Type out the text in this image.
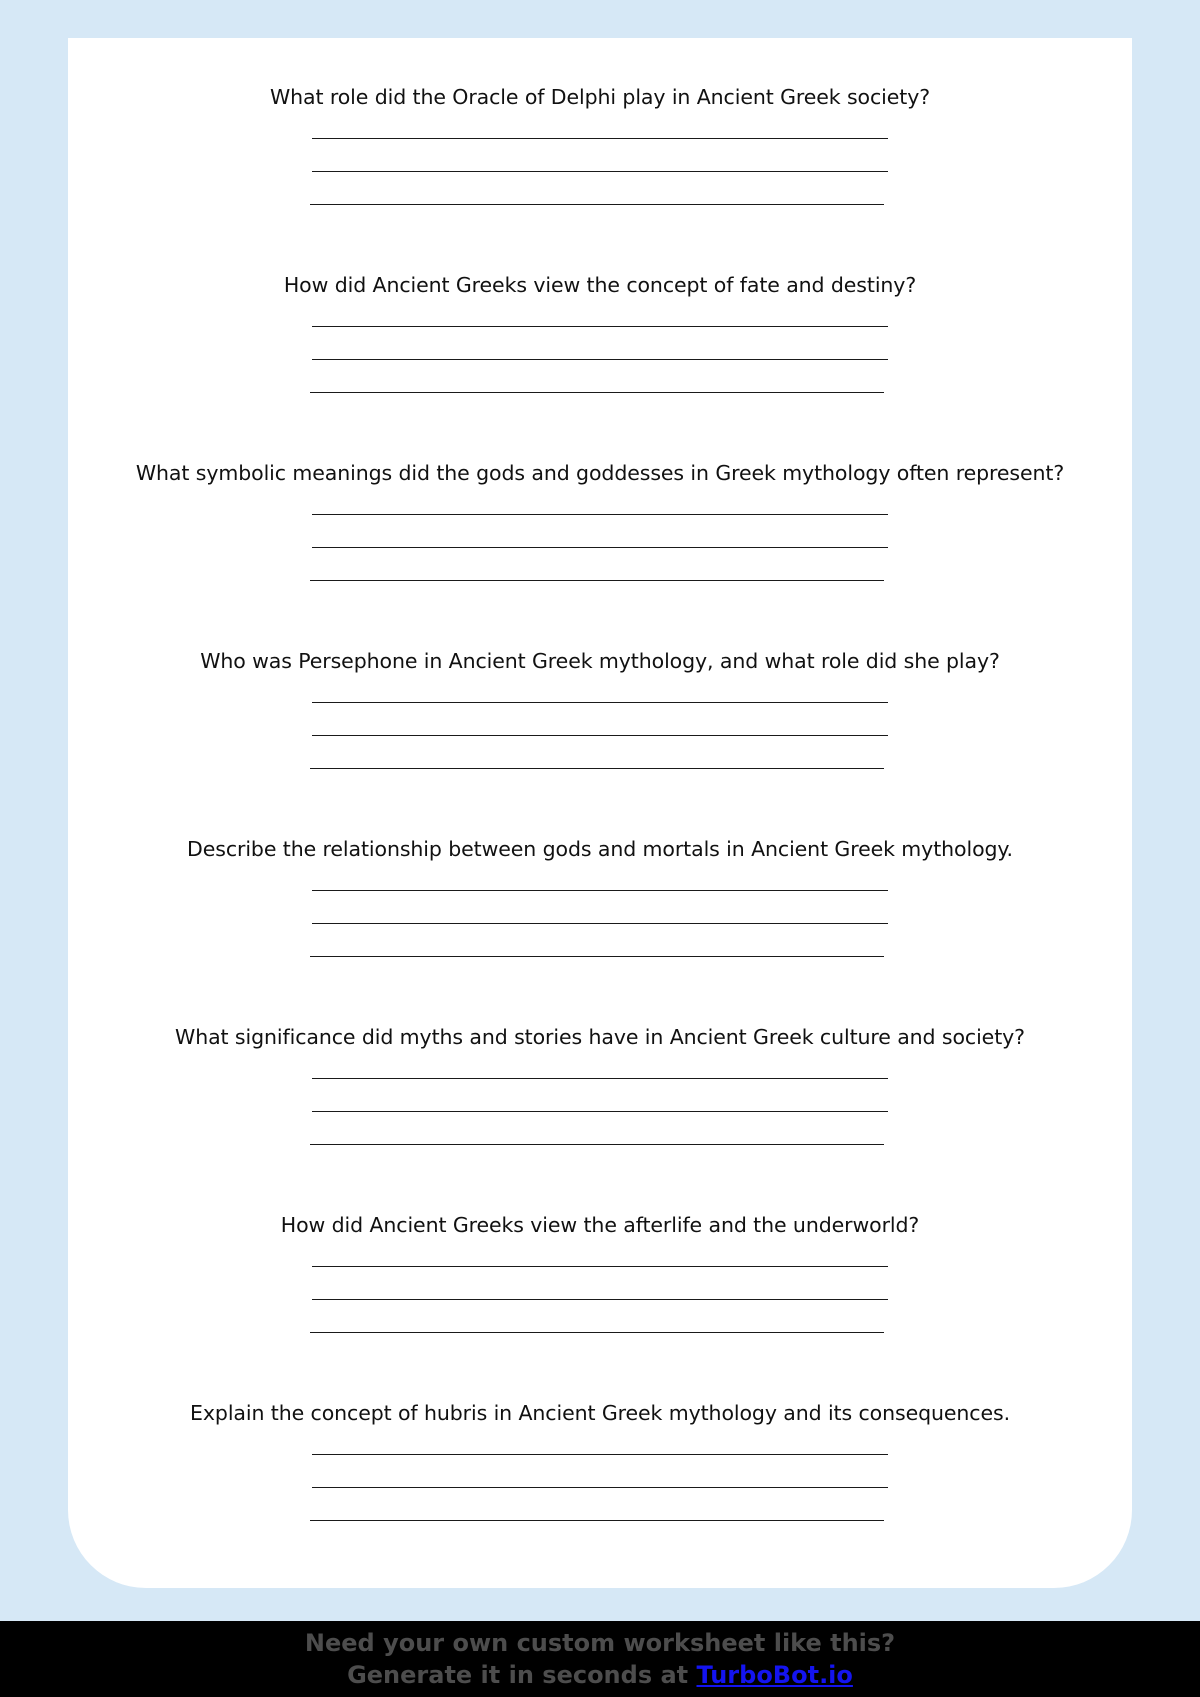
What role did the Oracle of Delphi play in Ancient Greek society?
How did Ancient Greeks view the concept of fate and destiny?
What symbolic meanings did the gods and goddesses in Greek mythology often represent?
Who was Persephone in Ancient Greek mythology, and what role did she play?
Describe the relationship between gods and mortals in Ancient Greek mythology.
What significance did myths and stories have in Ancient Greek culture and society?
How did Ancient Greeks view the afterlife and the underworld?
Explain the concept of hubris in Ancient Greek mythology and its consequences.
Need your own custom worksheet like this?
Generate it in seconds at TurboBot.io
